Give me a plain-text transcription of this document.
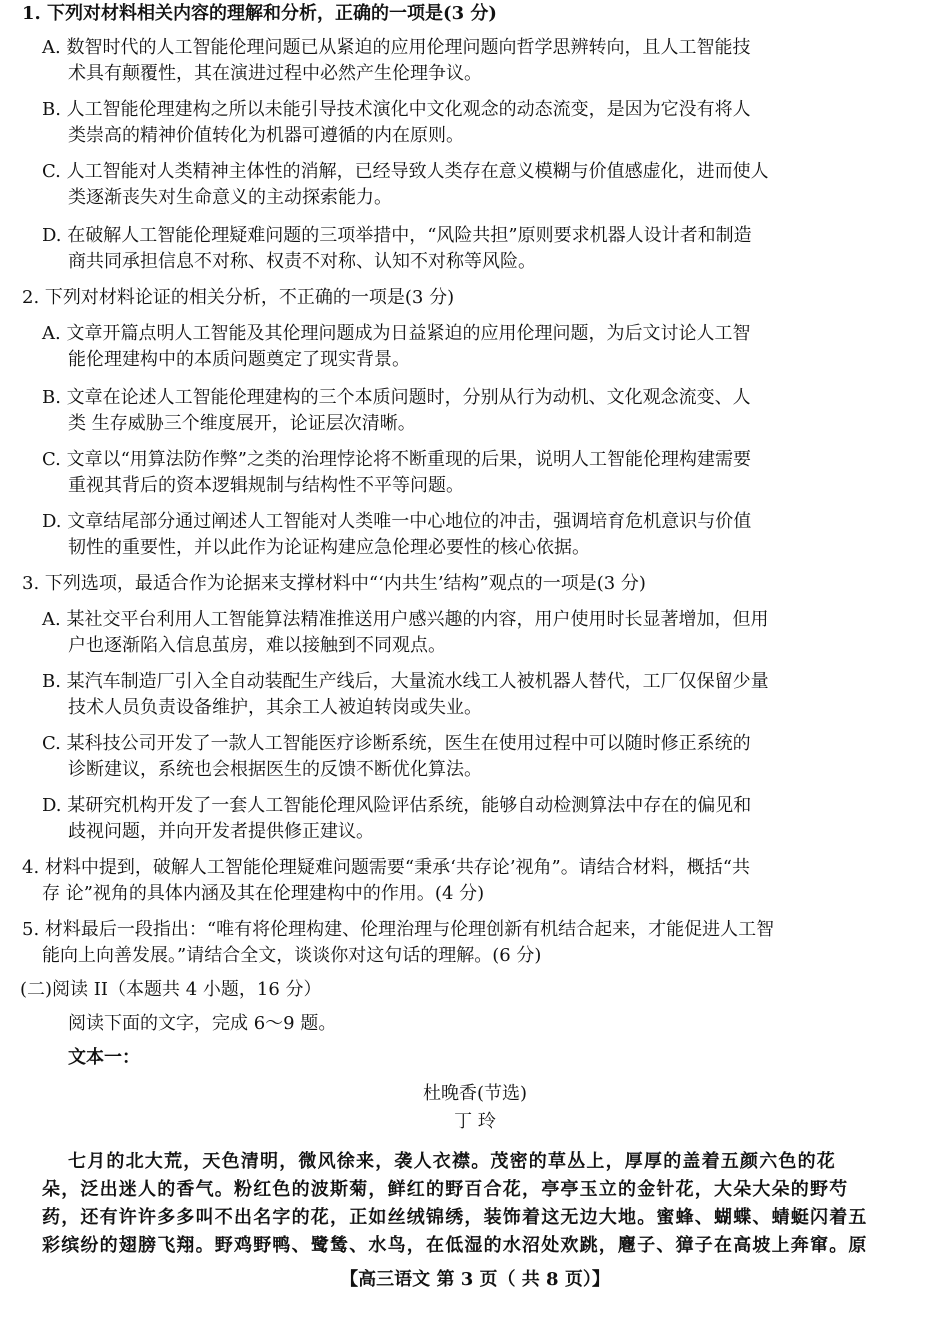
1. 下列对材料相关内容的理解和分析，正确的一项是(3 分)
A. 数智时代的人工智能伦理问题已从紧迫的应用伦理问题向哲学思辨转向，且人工智能技
术具有颠覆性，其在演进过程中必然产生伦理争议。
B. 人工智能伦理建构之所以未能引导技术演化中文化观念的动态流变，是因为它没有将人
类崇高的精神价值转化为机器可遵循的内在原则。
C. 人工智能对人类精神主体性的消解，已经导致人类存在意义模糊与价值感虚化，进而使人
类逐渐丧失对生命意义的主动探索能力。
D. 在破解人工智能伦理疑难问题的三项举措中，“风险共担”原则要求机器人设计者和制造
商共同承担信息不对称、权责不对称、认知不对称等风险。
2. 下列对材料论证的相关分析，不正确的一项是(3 分)
A. 文章开篇点明人工智能及其伦理问题成为日益紧迫的应用伦理问题，为后文讨论人工智
能伦理建构中的本质问题奠定了现实背景。
B. 文章在论述人工智能伦理建构的三个本质问题时，分别从行为动机、文化观念流变、人
类 生存威胁三个维度展开，论证层次清晰。
C. 文章以“用算法防作弊”之类的治理悖论将不断重现的后果，说明人工智能伦理构建需要
重视其背后的资本逻辑规制与结构性不平等问题。
D. 文章结尾部分通过阐述人工智能对人类唯一中心地位的冲击，强调培育危机意识与价值
韧性的重要性，并以此作为论证构建应急伦理必要性的核心依据。
3. 下列选项，最适合作为论据来支撑材料中“‘内共生’结构”观点的一项是(3 分)
A. 某社交平台利用人工智能算法精准推送用户感兴趣的内容，用户使用时长显著增加，但用
户也逐渐陷入信息茧房，难以接触到不同观点。
B. 某汽车制造厂引入全自动装配生产线后，大量流水线工人被机器人替代，工厂仅保留少量
技术人员负责设备维护，其余工人被迫转岗或失业。
C. 某科技公司开发了一款人工智能医疗诊断系统，医生在使用过程中可以随时修正系统的
诊断建议，系统也会根据医生的反馈不断优化算法。
D. 某研究机构开发了一套人工智能伦理风险评估系统，能够自动检测算法中存在的偏见和
歧视问题，并向开发者提供修正建议。
4. 材料中提到，破解人工智能伦理疑难问题需要“秉承‘共存论’视角”。请结合材料，概括“共
存 论”视角的具体内涵及其在伦理建构中的作用。(4 分)
5. 材料最后一段指出：“唯有将伦理构建、伦理治理与伦理创新有机结合起来，才能促进人工智
能向上向善发展。”请结合全文，谈谈你对这句话的理解。(6 分)
(二)阅读 II（本题共 4 小题，16 分）
阅读下面的文字，完成 6～9 题。
文本一：
杜晚香(节选)
丁 玲
七月的北大荒，天色清明，微风徐来，袭人衣襟。茂密的草丛上，厚厚的盖着五颜六色的花
朵，泛出迷人的香气。粉红色的波斯菊，鲜红的野百合花，亭亭玉立的金针花，大朵大朵的野芍
药，还有许许多多叫不出名字的花，正如丝绒锦绣，装饰着这无边大地。蜜蜂、蝴蝶、蜻蜓闪着五
彩缤纷的翅膀飞翔。野鸡野鸭、鹭鸶、水鸟，在低湿的水沼处欢跳，麅子、獐子在高坡上奔窜。原
【高三语文 第 3 页（ 共 8 页）】
